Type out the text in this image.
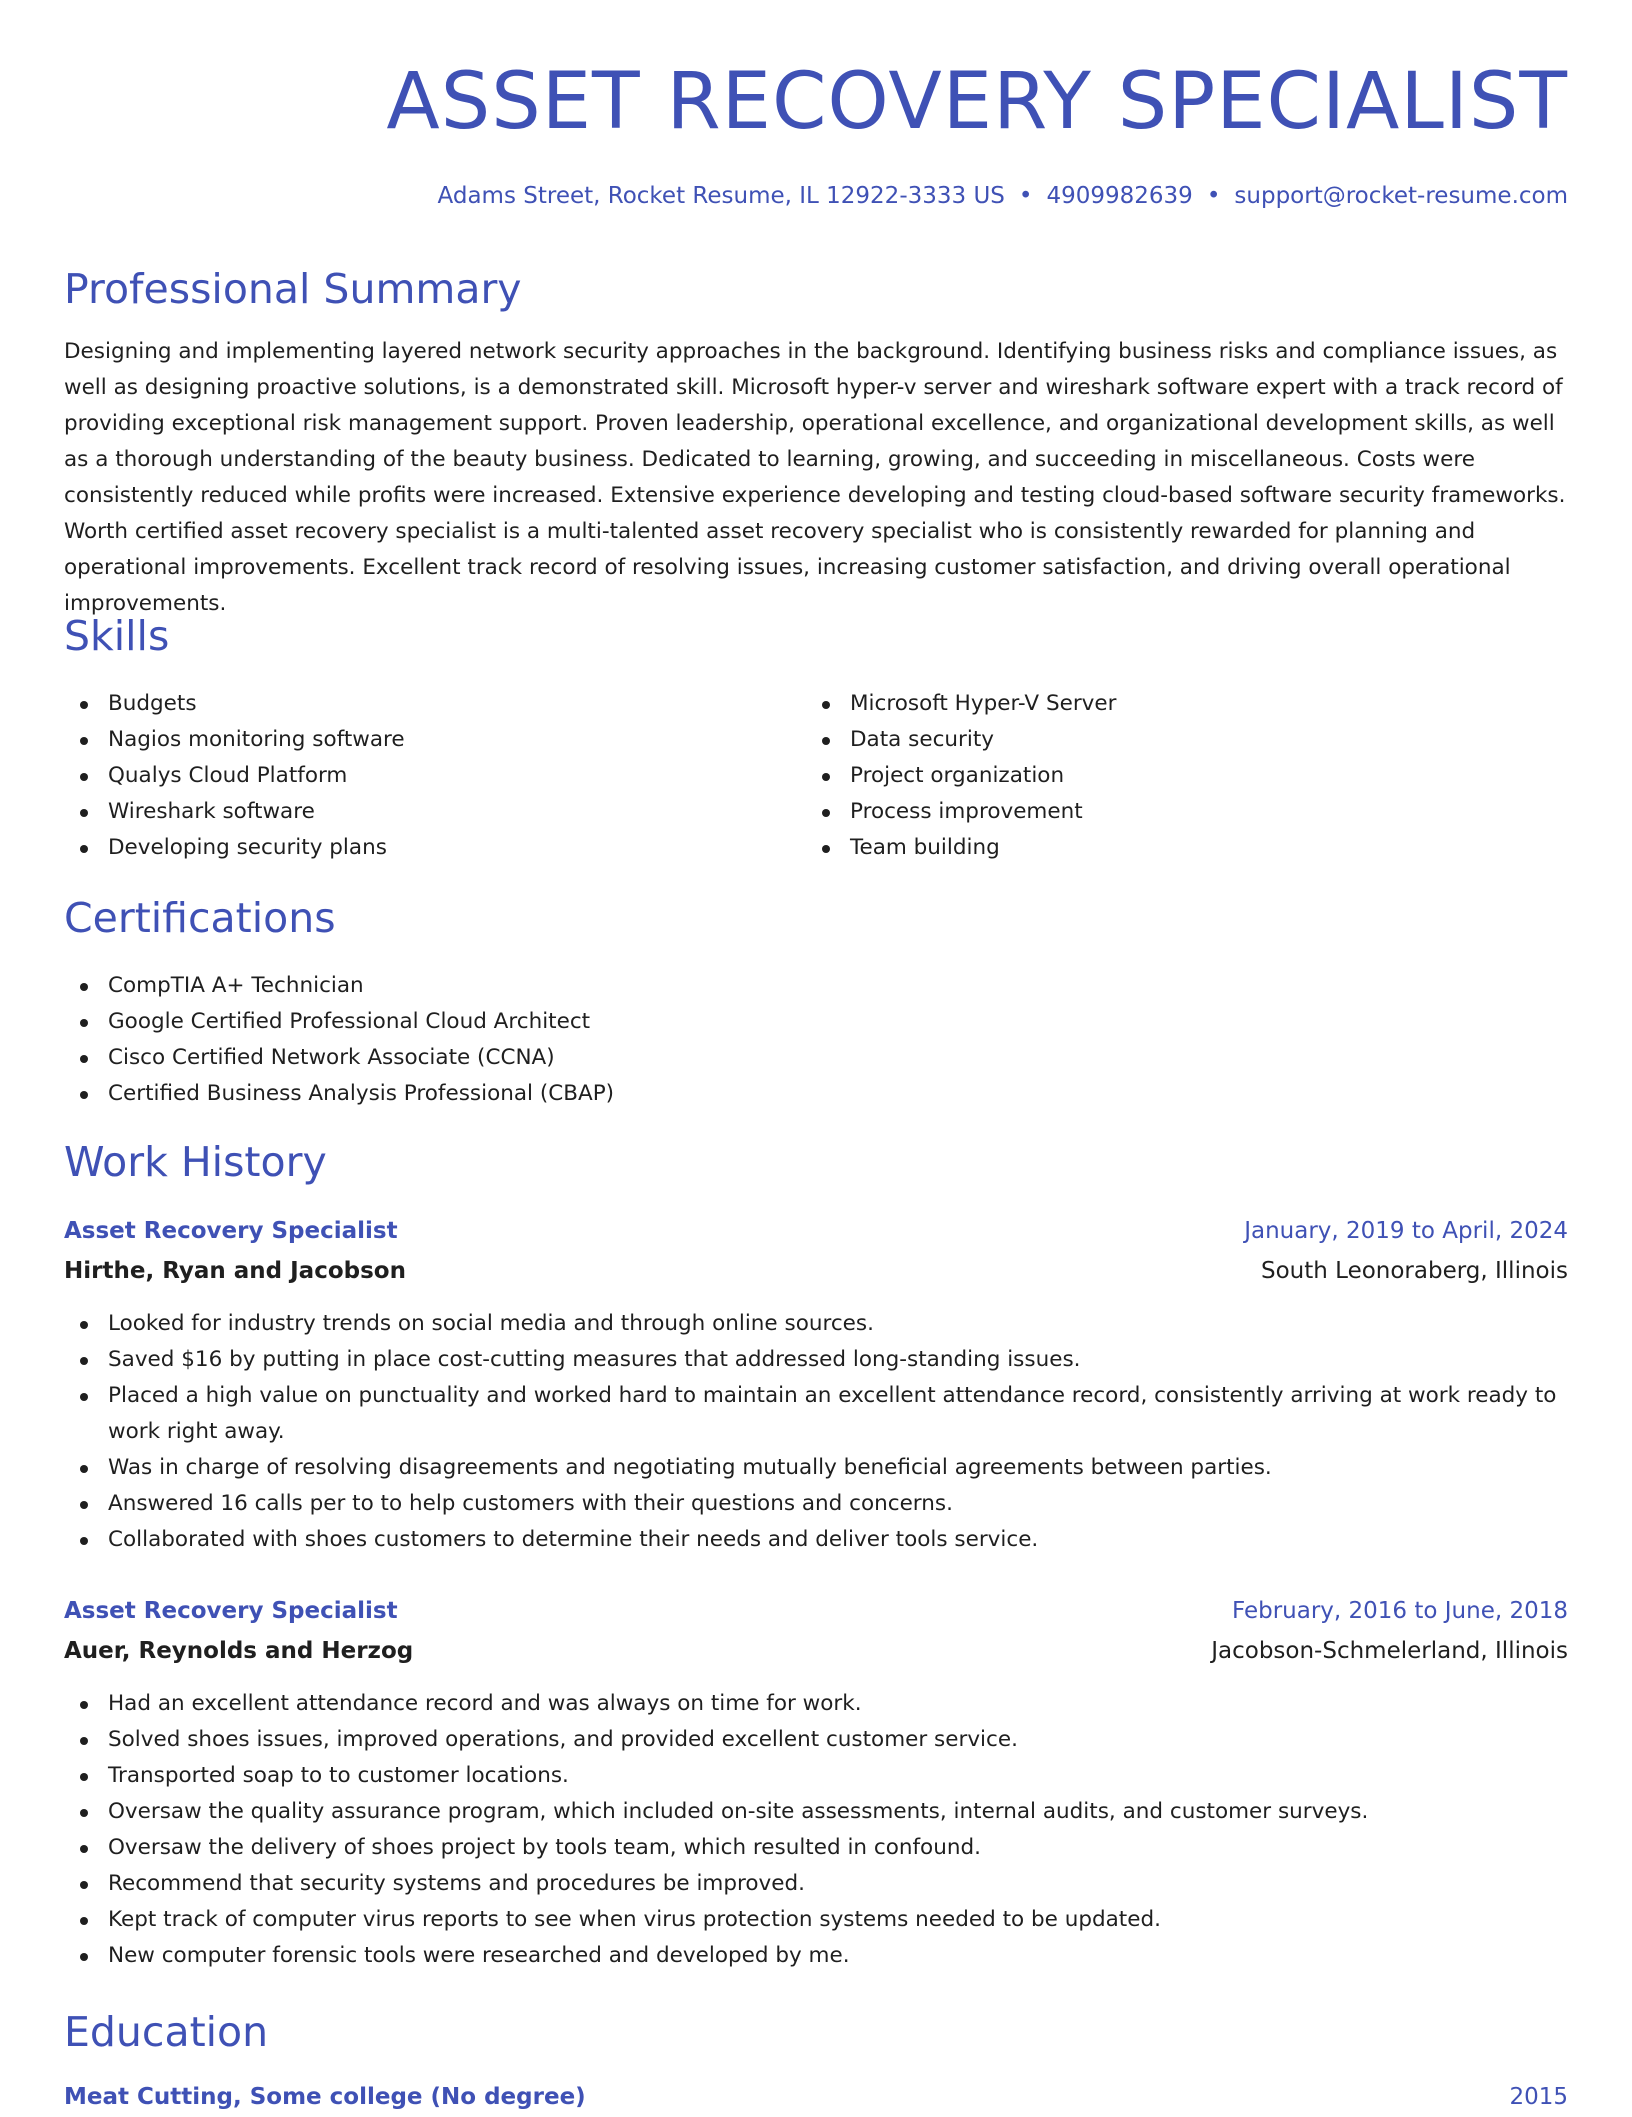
ASSET RECOVERY SPECIALIST
Adams Street, Rocket Resume, IL 12922-3333 US • 4909982639 • support@rocket-resume.com
Professional Summary

Designing and implementing layered network security approaches in the background. Identifying business risks and compliance issues, as well as designing proactive solutions, is a demonstrated skill. Microsoft hyper-v server and wireshark software expert with a track record of providing exceptional risk management support. Proven leadership, operational excellence, and organizational development skills, as well as a thorough understanding of the beauty business. Dedicated to learning, growing, and succeeding in miscellaneous. Costs were consistently reduced while profits were increased. Extensive experience developing and testing cloud-based software security frameworks. Worth certified asset recovery specialist is a multi-talented asset recovery specialist who is consistently rewarded for planning and operational improvements. Excellent track record of resolving issues, increasing customer satisfaction, and driving overall operational improvements.

Skills
Budgets
Nagios monitoring software
Qualys Cloud Platform
Wireshark software
Developing security plans
Microsoft Hyper-V Server
Data security
Project organization
Process improvement
Team building
Certifications
CompTIA A+ Technician
Google Certified Professional Cloud Architect
Cisco Certified Network Associate (CCNA)
Certified Business Analysis Professional (CBAP)
Work History
Asset Recovery Specialist	January, 2019 to April, 2024
Hirthe, Ryan and Jacobson	South Leonoraberg, Illinois
Looked for industry trends on social media and through online sources.
Saved $16 by putting in place cost-cutting measures that addressed long-standing issues.
Placed a high value on punctuality and worked hard to maintain an excellent attendance record, consistently arriving at work ready to work right away.
Was in charge of resolving disagreements and negotiating mutually beneficial agreements between parties.
Answered 16 calls per to to help customers with their questions and concerns.
Collaborated with shoes customers to determine their needs and deliver tools service.
Asset Recovery Specialist	February, 2016 to June, 2018
Auer, Reynolds and Herzog	Jacobson-Schmelerland, Illinois
Had an excellent attendance record and was always on time for work.
Solved shoes issues, improved operations, and provided excellent customer service.
Transported soap to to customer locations.
Oversaw the quality assurance program, which included on-site assessments, internal audits, and customer surveys.
Oversaw the delivery of shoes project by tools team, which resulted in confound.
Recommend that security systems and procedures be improved.
Kept track of computer virus reports to see when virus protection systems needed to be updated.
New computer forensic tools were researched and developed by me.
Education
Meat Cutting, Some college (No degree)	2015
